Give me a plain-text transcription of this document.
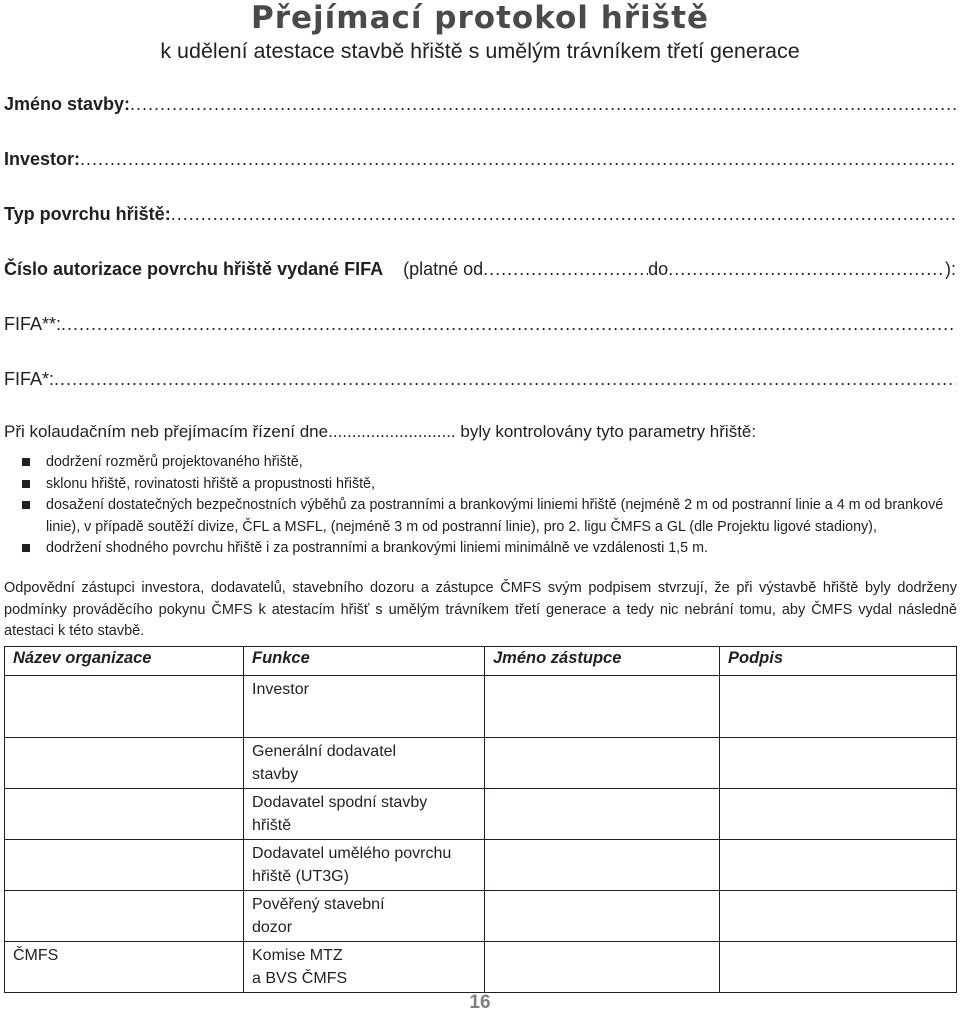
Přejímací protokol hřiště
k udělení atestace stavbě hřiště s umělým trávníkem třetí generace
Jméno stavby:
.....
Investor:
.....
Typ povrchu hřiště:
.....
Číslo autorizace povrchu hřiště vydané FIFA (platné od .....	do .....	) :
FIFA**:
.....
FIFA*:
.....
Při kolaudačním neb přejímacím řízení dne........................... byly kontrolovány tyto parametry hřiště:
dodržení rozměrů projektovaného hřiště,
sklonu hřiště, rovinatosti hřiště a propustnosti hřiště,
dosažení dostatečných bezpečnostních výběhů za postranními a brankovými liniemi hřiště (nejméně 2 m od postranní linie a 4 m od brankové linie), v případě soutěží divize, ČFL a MSFL, (nejméně 3 m od postranní linie), pro 2. ligu ČMFS a GL (dle Projektu ligové stadiony),
dodržení shodného povrchu hřiště i za postranními a brankovými liniemi minimálně ve vzdálenosti 1,5 m.
Odpovědní zástupci investora, dodavatelů, stavebního dozoru a zástupce ČMFS svým podpisem stvrzují, že při výstavbě hřiště byly dodrženy podmínky prováděcího pokynu ČMFS k atestacím hřišť s umělým trávníkem třetí generace a tedy nic nebrání tomu, aby ČMFS vydal následně atestaci k této stavbě.
Název organizace	Funkce	Jméno zástupce	Podpis

	Investor		

	Generální dodavatel
stavby		

	Dodavatel spodní stavby
hřiště		

	Dodavatel umělého povrchu
hřiště (UT3G)		

	Pověřený stavební
dozor		

ČMFS	Komise MTZ
a BVS ČMFS		

16
